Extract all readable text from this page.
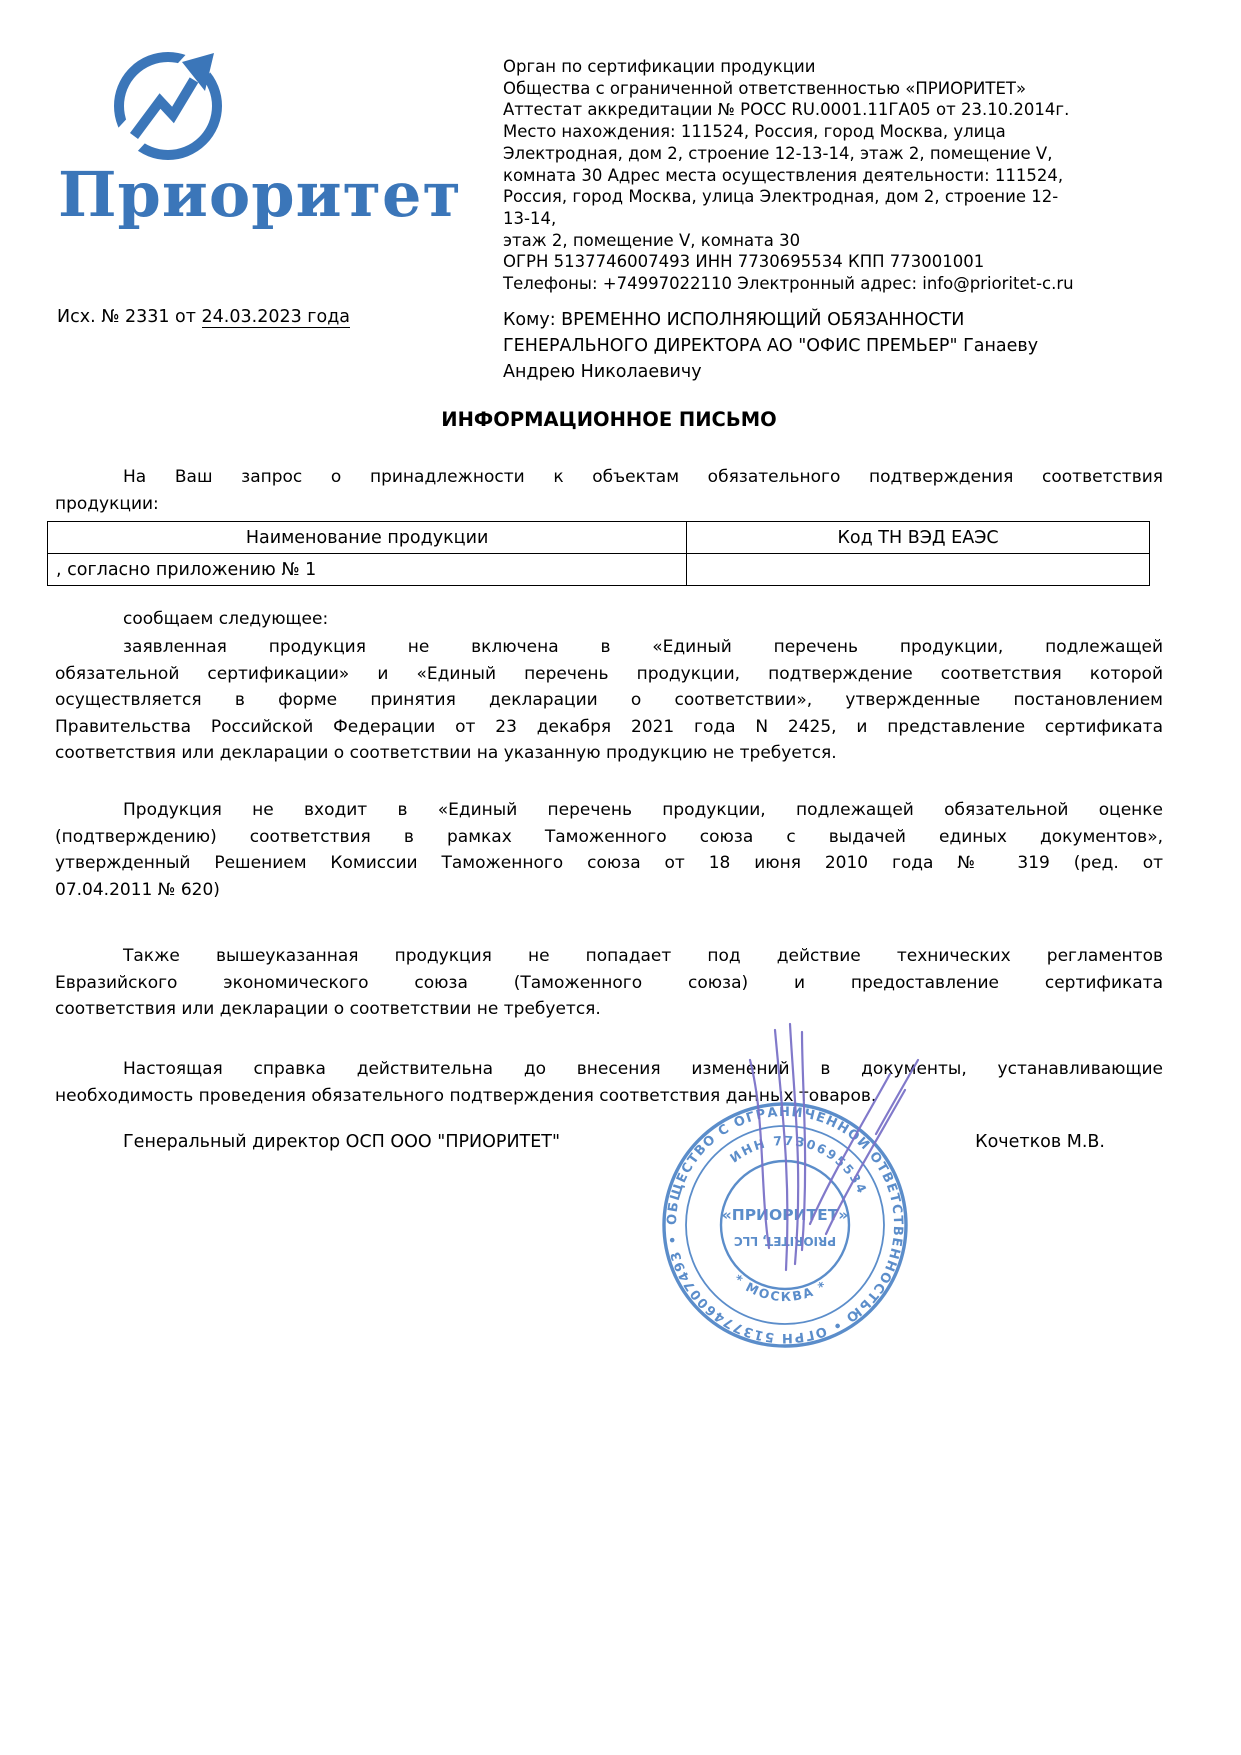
Приоритет
Орган по сертификации продукции
Общества с ограниченной ответственностью «ПРИОРИТЕТ»
Аттестат аккредитации № РОСС RU.0001.11ГА05 от 23.10.2014г.
Место нахождения: 111524, Россия, город Москва, улица
Электродная, дом 2, строение 12-13-14, этаж 2, помещение V,
комната 30 Адрес места осуществления деятельности: 111524,
Россия, город Москва, улица Электродная, дом 2, строение 12-13-14,
этаж 2, помещение V, комната 30
ОГРН 5137746007493 ИНН 7730695534 КПП 773001001
Телефоны: +74997022110 Электронный адрес: info@prioritet-c.ru
Исх. № 2331 от 24.03.2023 года	Кому: ВРЕМЕННО ИСПОЛНЯЮЩИЙ ОБЯЗАННОСТИ ГЕНЕРАЛЬНОГО ДИРЕКТОРА АО "ОФИС ПРЕМЬЕР" Ганаеву Андрею Николаевичу
ИНФОРМАЦИОННОЕ ПИСЬМО
На Ваш запрос о принадлежности к объектам обязательного подтверждения соответствия
продукции:
Наименование продукции	Код ТН ВЭД ЕАЭС
, согласно приложению № 1	
сообщаем следующее:
заявленная продукция не включена в «Единый перечень продукции, подлежащей
обязательной сертификации» и «Единый перечень продукции, подтверждение соответствия которой
осуществляется в форме принятия декларации о соответствии», утвержденные постановлением
Правительства Российской Федерации от 23 декабря 2021 года N 2425, и представление сертификата
соответствия или декларации о соответствии на указанную продукцию не требуется.
Продукция не входит в «Единый перечень продукции, подлежащей обязательной оценке
(подтверждению) соответствия в рамках Таможенного союза с выдачей единых документов»,
утвержденный Решением Комиссии Таможенного союза от 18 июня 2010 года № 319 (ред. от
07.04.2011 № 620)
Также вышеуказанная продукция не попадает под действие технических регламентов
Евразийского экономического союза (Таможенного союза) и предоставление сертификата
соответствия или декларации о соответствии не требуется.
Настоящая справка действительна до внесения изменений в документы, устанавливающие
необходимость проведения обязательного подтверждения соответствия данных товаров.
Генеральный директор ОСП ООО "ПРИОРИТЕТ"	Кочетков М.В.
ОБЩЕСТВО С ОГРАНИЧЕННОЙ ОТВЕТСТВЕННОСТЬЮ • ОГРН 5137746007493 •
ИНН 7730695534
* МОСКВА *
«ПРИОРИТЕТ»
PRIORITET, LLC
